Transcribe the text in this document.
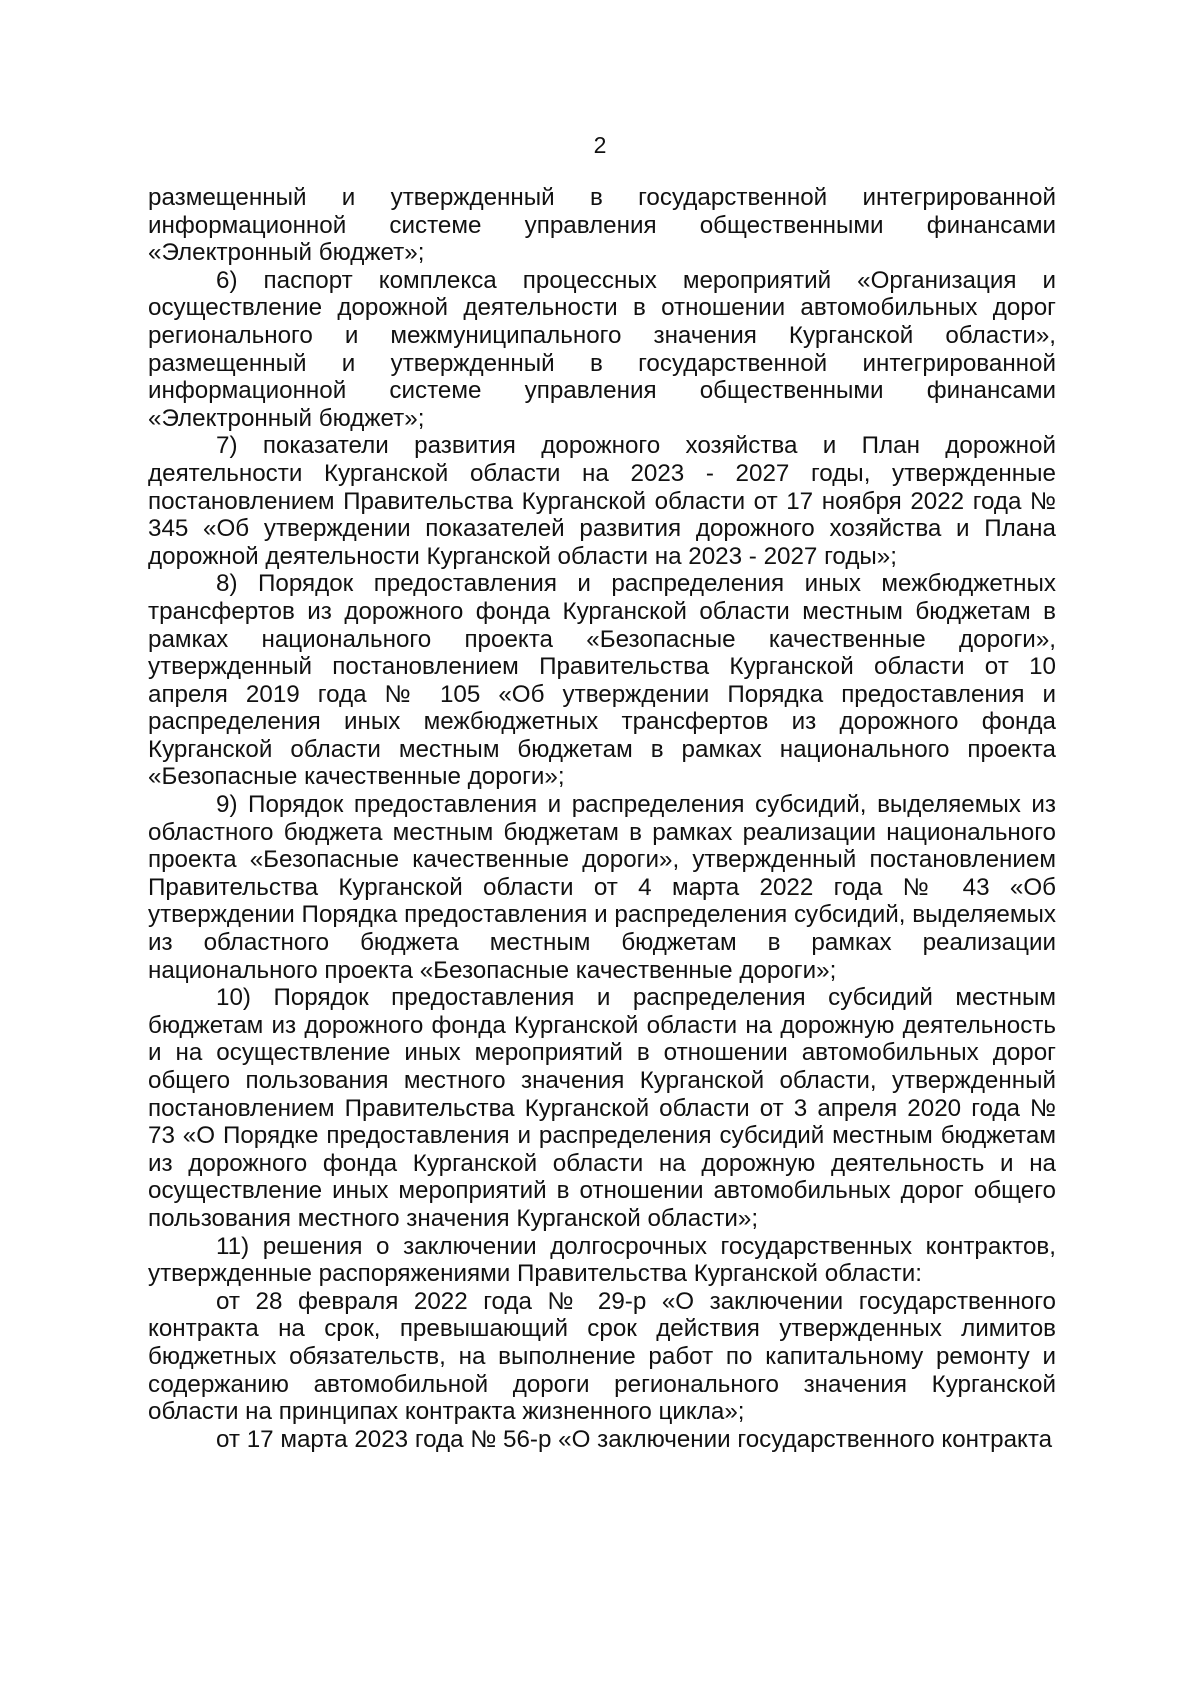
2

размещенный и утвержденный в государственной интегрированной информационной системе управления общественными финансами «Электронный бюджет»;

6) паспорт комплекса процессных мероприятий «Организация и осуществление дорожной деятельности в отношении автомобильных дорог регионального и межмуниципального значения Курганской области», размещенный и утвержденный в государственной интегрированной информационной системе управления общественными финансами «Электронный бюджет»;

7) показатели развития дорожного хозяйства и План дорожной деятельности Курганской области на 2023 - 2027 годы, утвержденные постановлением Правительства Курганской области от 17 ноября 2022 года № 345 «Об утверждении показателей развития дорожного хозяйства и Плана дорожной деятельности Курганской области на 2023 - 2027 годы»;

8) Порядок предоставления и распределения иных межбюджетных трансфертов из дорожного фонда Курганской области местным бюджетам в рамках национального проекта «Безопасные качественные дороги», утвержденный постановлением Правительства Курганской области от 10 апреля 2019 года № 105 «Об утверждении Порядка предоставления и распределения иных межбюджетных трансфертов из дорожного фонда Курганской области местным бюджетам в рамках национального проекта «Безопасные качественные дороги»;

9) Порядок предоставления и распределения субсидий, выделяемых из областного бюджета местным бюджетам в рамках реализации национального проекта «Безопасные качественные дороги», утвержденный постановлением Правительства Курганской области от 4 марта 2022 года № 43 «Об утверждении Порядка предоставления и распределения субсидий, выделяемых из областного бюджета местным бюджетам в рамках реализации национального проекта «Безопасные качественные дороги»;

10) Порядок предоставления и распределения субсидий местным бюджетам из дорожного фонда Курганской области на дорожную деятельность и на осуществление иных мероприятий в отношении автомобильных дорог общего пользования местного значения Курганской области, утвержденный постановлением Правительства Курганской области от 3 апреля 2020 года № 73 «О Порядке предоставления и распределения субсидий местным бюджетам из дорожного фонда Курганской области на дорожную деятельность и на осуществление иных мероприятий в отношении автомобильных дорог общего пользования местного значения Курганской области»;

11) решения о заключении долгосрочных государственных контрактов, утвержденные распоряжениями Правительства Курганской области:

от 28 февраля 2022 года № 29-р «О заключении государственного контракта на срок, превышающий срок действия утвержденных лимитов бюджетных обязательств, на выполнение работ по капитальному ремонту и содержанию автомобильной дороги регионального значения Курганской области на принципах контракта жизненного цикла»;

от 17 марта 2023 года № 56-р «О заключении государственного контракта
